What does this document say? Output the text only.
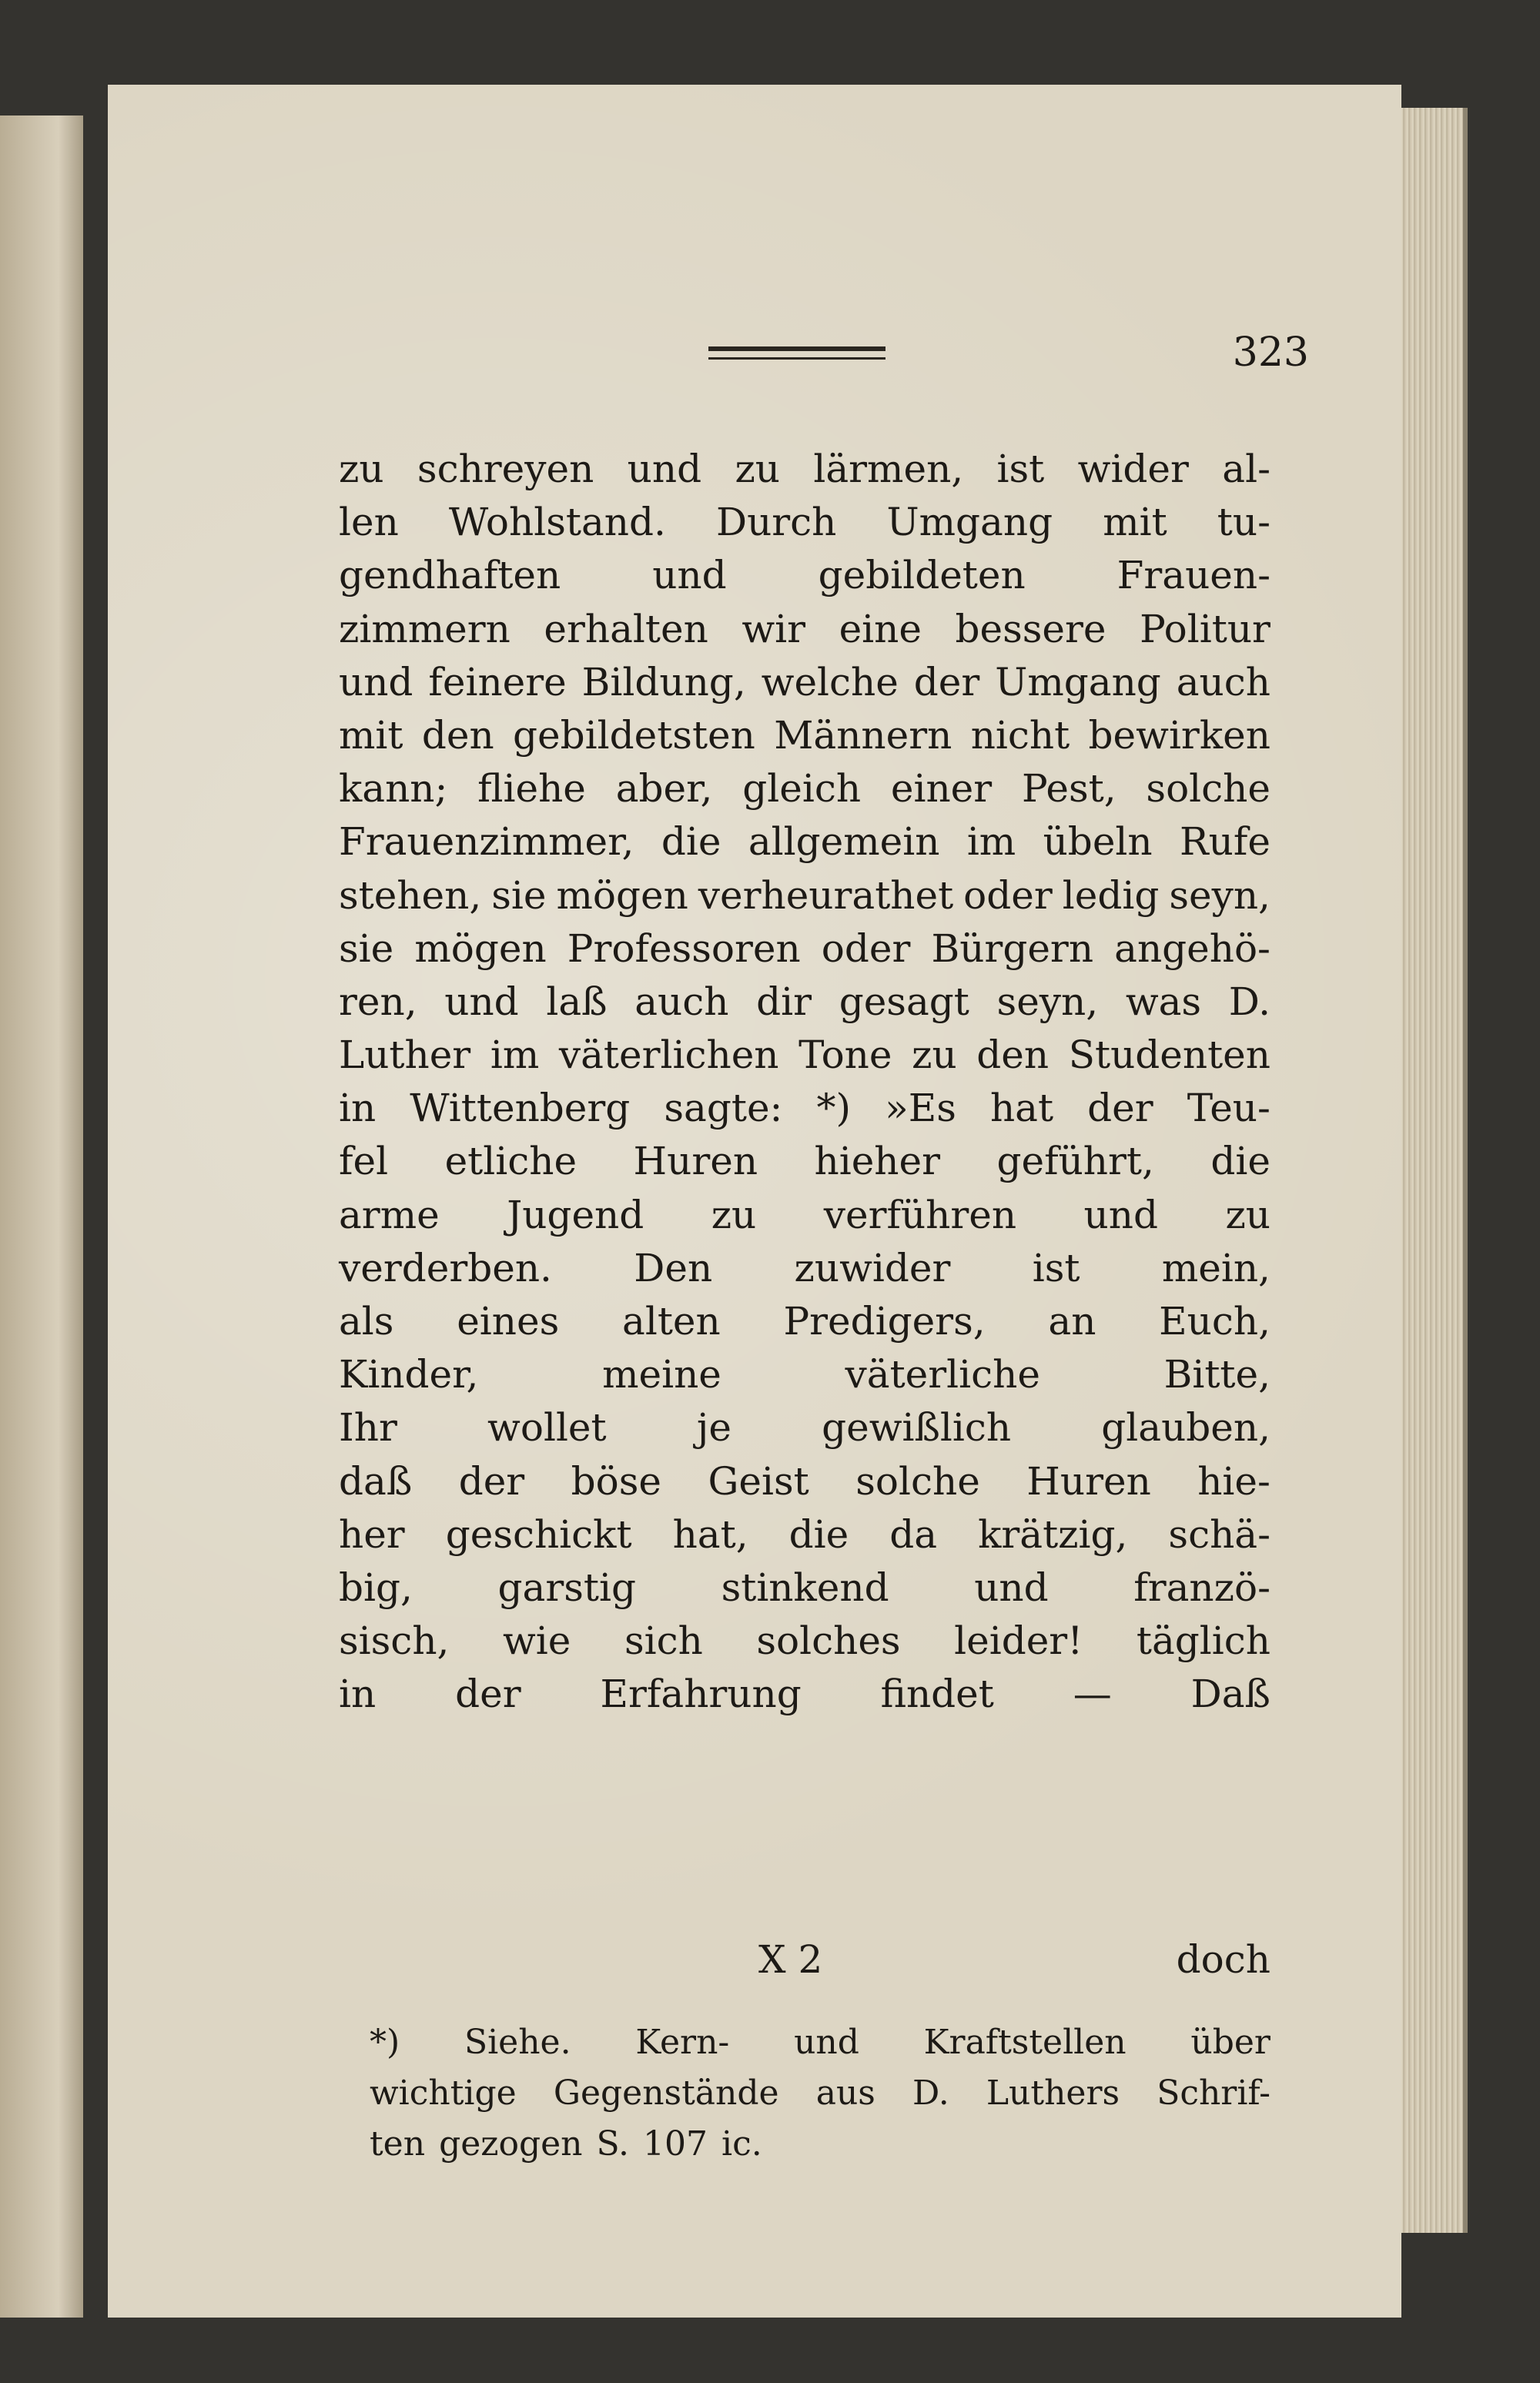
323
zu schreyen und zu lärmen, ist wider al-
len Wohlstand. Durch Umgang mit tu-
gendhaften und gebildeten Frauen-
zimmern erhalten wir eine bessere Politur
und feinere Bildung, welche der Umgang auch
mit den gebildetsten Männern nicht bewirken
kann; fliehe aber, gleich einer Pest, solche
Frauenzimmer, die allgemein im übeln Rufe
stehen, sie mögen verheurathet oder ledig seyn,
sie mögen Professoren oder Bürgern angehö-
ren, und laß auch dir gesagt seyn, was D.
Luther im väterlichen Tone zu den Studenten
in Wittenberg sagte: *) »Es hat der Teu-
fel etliche Huren hieher geführt, die
arme Jugend zu verführen und zu
verderben. Den zuwider ist mein,
als eines alten Predigers, an Euch,
Kinder,	meine	väterliche	Bitte,
Ihr wollet je gewißlich glauben,
daß der böse Geist solche Huren hie-
her geschickt hat, die da krätzig, schä-
big, garstig stinkend und franzö-
sisch, wie sich solches leider! täglich
in der Erfahrung findet — Daß
X 2	doch
*) Siehe. Kern- und Kraftstellen über
wichtige Gegenstände aus D. Luthers Schrif-
ten gezogen S. 107 ic.
